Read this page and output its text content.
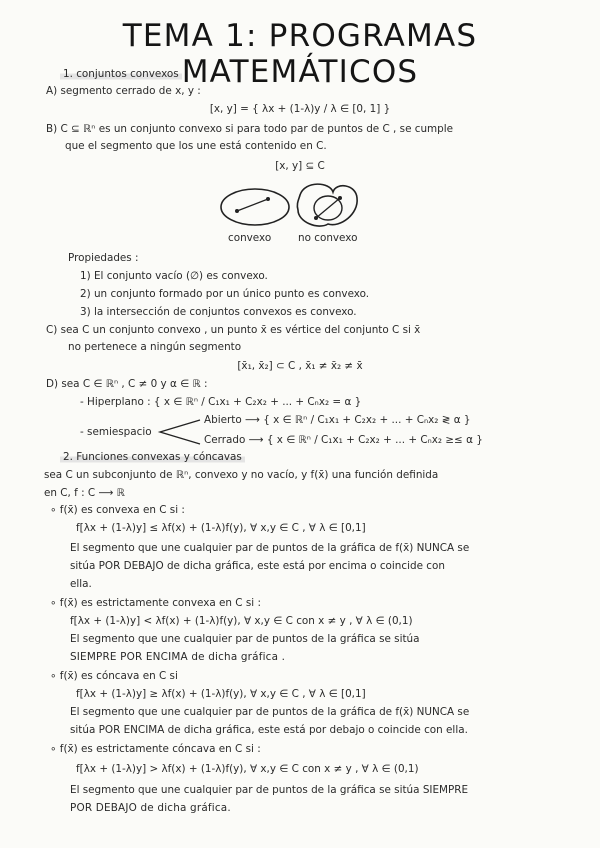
TEMA 1: PROGRAMAS MATEMÁTICOS
1. conjuntos convexos
A) segmento cerrado de x, y :
[x, y] = { λx + (1-λ)y / λ ∈ [0, 1] }
B) C ⊆ ℝⁿ es un conjunto convexo si para todo par de puntos de C , se cumple
que el segmento que los une está contenido en C.
[x, y] ⊆ C
convexo	no convexo
Propiedades :
1) El conjunto vacío (∅) es convexo.
2) un conjunto formado por un único punto es convexo.
3) la intersección de conjuntos convexos es convexo.
C) sea C un conjunto convexo , un punto x̄ es vértice del conjunto C si x̄
no pertenece a ningún segmento
[x̄₁, x̄₂] ⊂ C , x̄₁ ≠ x̄₂ ≠ x̄
D) sea C ∈ ℝⁿ , C ≠ 0 y α ∈ ℝ :
- Hiperplano : { x ∈ ℝⁿ / C₁x₁ + C₂x₂ + ... + Cₙx₂ = α }
- semiespacio
Abierto ⟶ { x ∈ ℝⁿ / C₁x₁ + C₂x₂ + ... + Cₙx₂ ≷ α }
Cerrado ⟶ { x ∈ ℝⁿ / C₁x₁ + C₂x₂ + ... + Cₙx₂ ≥≤ α }
2. Funciones convexas y cóncavas
sea C un subconjunto de ℝⁿ, convexo y no vacío, y f(x̄) una función definida
en C, f : C ⟶ ℝ
∘ f(x̄) es convexa en C si :
f[λx + (1-λ)y] ≤ λf(x) + (1-λ)f(y), ∀ x,y ∈ C , ∀ λ ∈ [0,1]
El segmento que une cualquier par de puntos de la gráfica de f(x̄) NUNCA se
sitúa POR DEBAJO de dicha gráfica, este está por encima o coincide con
ella.
∘ f(x̄) es estrictamente convexa en C si :
f[λx + (1-λ)y] < λf(x) + (1-λ)f(y), ∀ x,y ∈ C con x ≠ y , ∀ λ ∈ (0,1)
El segmento que une cualquier par de puntos de la gráfica se sitúa
SIEMPRE POR ENCIMA de dicha gráfica .
∘ f(x̄) es cóncava en C si
f[λx + (1-λ)y] ≥ λf(x) + (1-λ)f(y), ∀ x,y ∈ C , ∀ λ ∈ [0,1]
El segmento que une cualquier par de puntos de la gráfica de f(x̄) NUNCA se
sitúa POR ENCIMA de dicha gráfica, este está por debajo o coincide con ella.
∘ f(x̄) es estrictamente cóncava en C si :
f[λx + (1-λ)y] > λf(x) + (1-λ)f(y), ∀ x,y ∈ C con x ≠ y , ∀ λ ∈ (0,1)
El segmento que une cualquier par de puntos de la gráfica se sitúa SIEMPRE
POR DEBAJO de dicha gráfica.
